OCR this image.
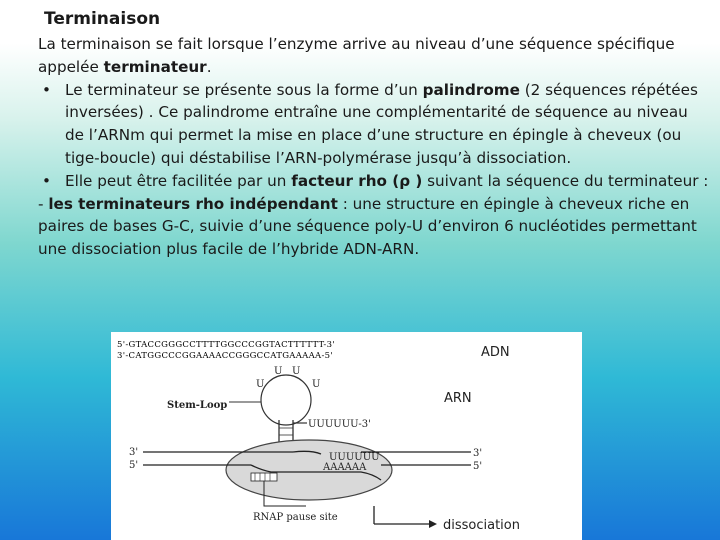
Terminaison

La terminaison se fait lorsque l’enzyme arrive au niveau d’une séquence spécifique appelée terminateur.

• Le terminateur se présente sous la forme d’un palindrome (2 séquences répétées inversées) . Ce palindrome entraîne une complémentarité de séquence au niveau de l’ARNm qui permet la mise en place d’une structure en épingle à cheveux (ou tige-boucle) qui déstabilise l’ARN-polymérase jusqu’à dissociation.

• Elle peut être facilitée par un facteur rho (ρ ) suivant la séquence du terminateur :

- les terminateurs rho indépendant : une structure en épingle à cheveux riche en paires de bases G-C, suivie d’une séquence poly-U d’environ 6 nucléotides permettant une dissociation plus facile de l’hybride ADN-ARN.

5'-GTACCGGGCCTTTTGGCCCGGTACTTTTTT-3'
3'-CATGGCCCGGAAAACCGGGCCATGAAAAA-5'	ADN
U U
U	U
UUUUUU-3'
Stem-Loop	ARN
3'
5'
3'
5'
UUUUUU
AAAAAA
RNAP pause site
dissociation
